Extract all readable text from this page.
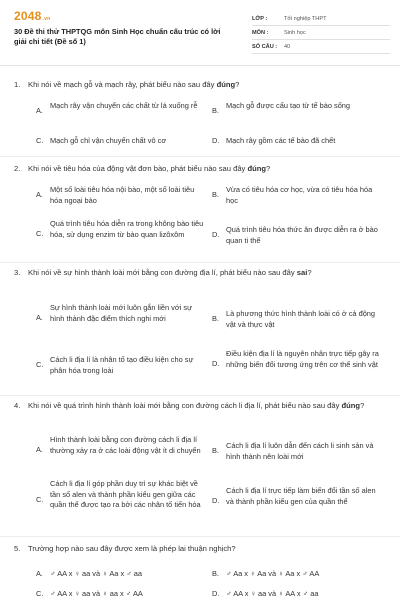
2048.vn
30 Đề thi thử THPTQG môn Sinh Học chuẩn cấu trúc có lời giải chi tiết (Đề số 1)
LỚP :	Tốt nghiệp THPT
MÔN :	Sinh học
SỐ CÂU :	40
1.	Khi nói về mạch gỗ và mạch rây, phát biểu nào sau đây đúng?
A.
Mạch rây vận chuyển các chất từ lá xuống rễ
B.
Mạch gỗ được cấu tạo từ tế bào sống
C. Mạch gỗ chỉ vận chuyển chất vô cơ	D. Mạch rây gồm các tế bào đã chết
2.	Khi nói về tiêu hóa của động vật đơn bào, phát biểu nào sau đây đúng?
A.
Một số loài tiêu hóa nội bào, một số loài tiêu hóa ngoại bào
B.
Vừa có tiêu hóa cơ học, vừa có tiêu hóa hóa học
C.
Quá trình tiêu hóa diễn ra trong không bào tiêu hóa, sử dụng enzim từ bào quan lizôxôm	D.
Quá trình tiêu hóa thức ăn được diễn ra ở bào quan ti thể
3.	Khi nói về sự hình thành loài mới bằng con đường địa lí, phát biểu nào sau đây sai?
A.
Sự hình thành loài mới luôn gắn liền với sự hình thành đặc điểm thích nghi mới	B.
Là phương thức hình thành loài có ở cả động vật và thực vật
C.
Cách li địa lí là nhân tố tạo điều kiện cho sự phân hóa trong loài
D.
Điều kiện địa lí là nguyên nhân trực tiếp gây ra những biến đổi tương ứng trên cơ thể sinh vật
4.	Khi nói về quá trình hình thành loài mới bằng con đường cách li địa lí, phát biểu nào sau đây đúng?
A.
Hình thành loài bằng con đường cách li địa lí thường xảy ra ở các loài động vật ít di chuyển	B.
Cách li địa lí luôn dẫn đến cách li sinh sản và hình thành nên loài mới
C.
Cách li địa lí góp phần duy trì sự khác biệt về tần số alen và thành phần kiểu gen giữa các quần thể được tạo ra bởi các nhân tố tiến hóa	D.
Cách li địa lí trực tiếp làm biến đổi tần số alen và thành phần kiểu gen của quần thể
5.	Trường hợp nào sau đây được xem là phép lai thuận nghịch?
A. ♂ AA x ♀ aa và ♀ Aa x ♂ aa	B. ♂ Aa x ♀ Aa và ♀ Aa x ♂ AA
C. ♂ AA x ♀ aa và ♀ aa x ♂ AA	D. ♂ AA x ♀ aa và ♀ AA x ♂ aa
